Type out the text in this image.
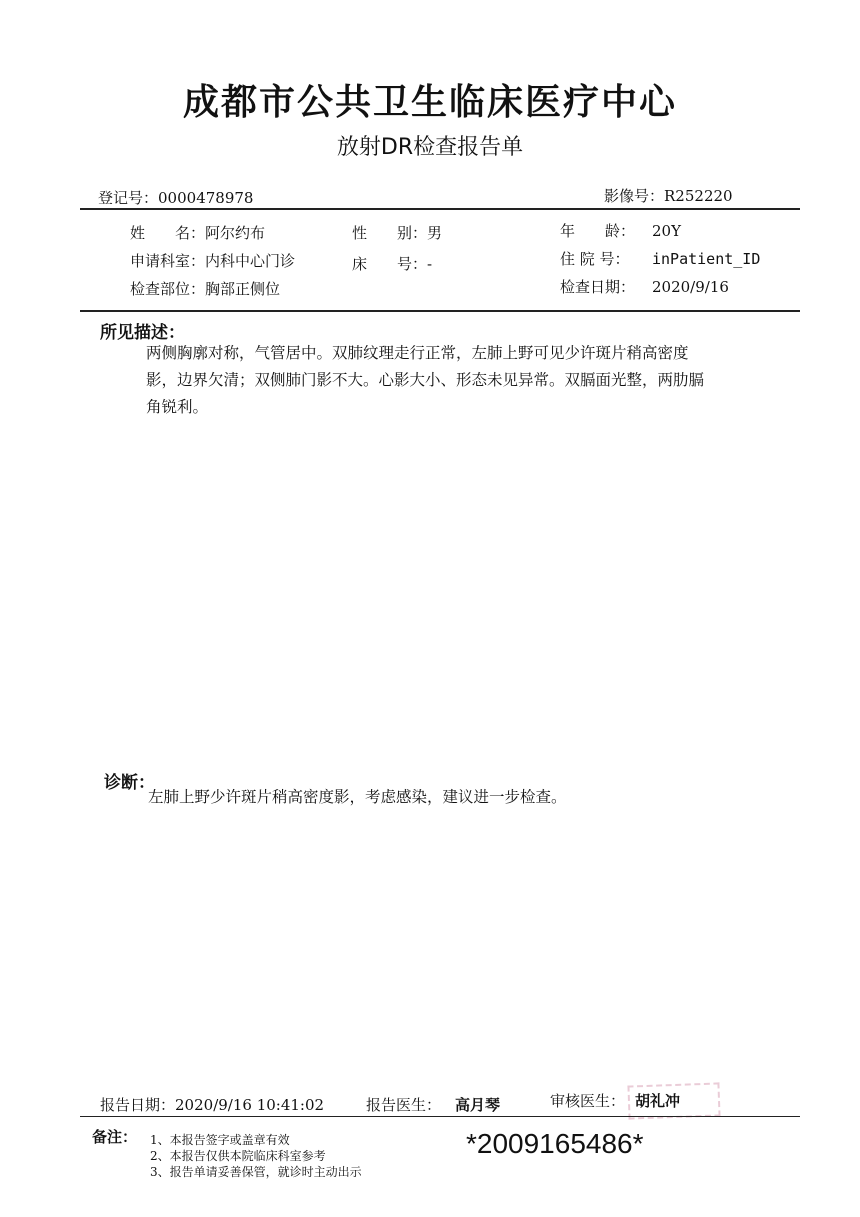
成都市公共卫生临床医疗中心
放射DR检查报告单
登记号：0000478978	影像号：R252220
姓　　名：阿尔约布	性　　别：男	年　　龄： 20Y
申请科室：内科中心门诊	床　　号：-	住 院 号： inPatient_ID
检查部位：胸部正侧位	检查日期： 2020/9/16
所见描述：
两侧胸廓对称，气管居中。双肺纹理走行正常，左肺上野可见少许斑片稍高密度影，边界欠清；双侧肺门影不大。心影大小、形态未见异常。双膈面光整，两肋膈角锐利。
诊断：
左肺上野少许斑片稍高密度影，考虑感染，建议进一步检查。
报告日期：2020/9/16 10:41:02	报告医生： 高月琴	审核医生： 胡礼冲
备注： 1、本报告签字或盖章有效
2、本报告仅供本院临床科室参考
3、报告单请妥善保管，就诊时主动出示
*2009165486*
